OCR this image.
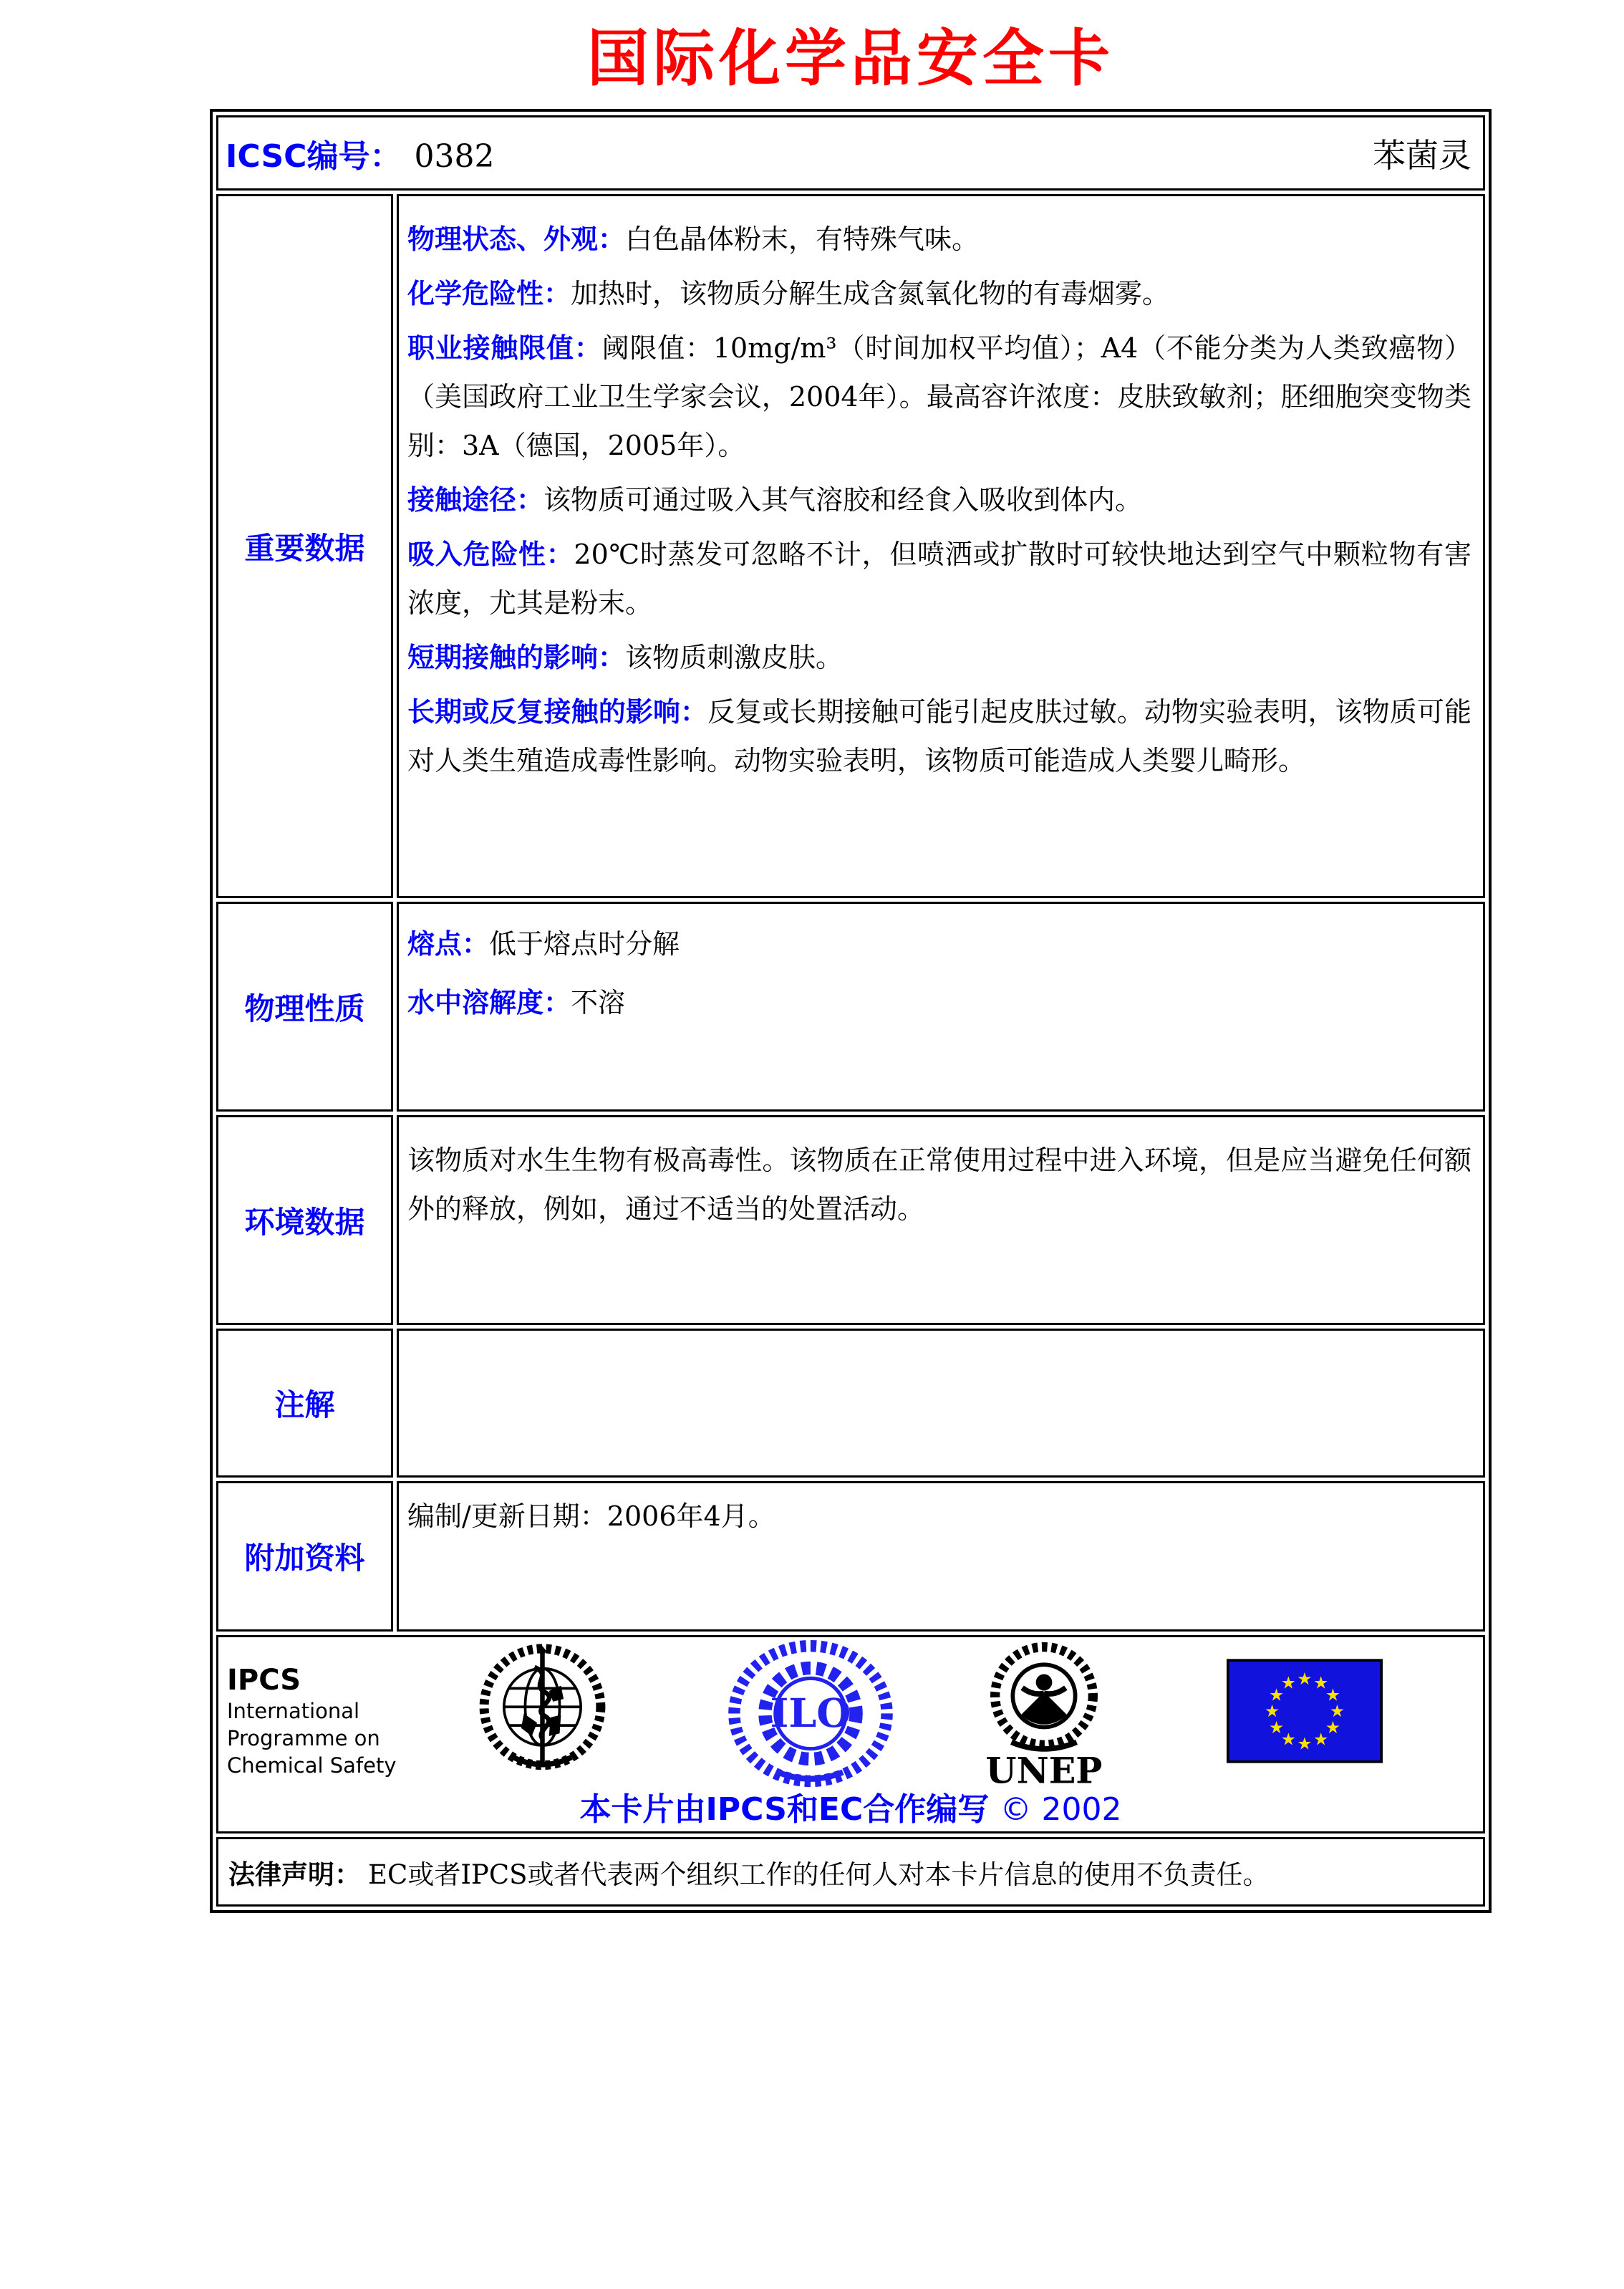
国际化学品安全卡
ICSC编号： 0382	苯菌灵
重要数据

物理状态、外观：白色晶体粉末，有特殊气味。

化学危险性：加热时，该物质分解生成含氮氧化物的有毒烟雾。

职业接触限值：阈限值：10mg/m³（时间加权平均值）；A4（不能分类为人类致癌物）（美国政府工业卫生学家会议，2004年）。最高容许浓度：皮肤致敏剂；胚细胞突变物类别：3A（德国，2005年）。

接触途径：该物质可通过吸入其气溶胶和经食入吸收到体内。

吸入危险性：20℃时蒸发可忽略不计，但喷洒或扩散时可较快地达到空气中颗粒物有害浓度，尤其是粉末。

短期接触的影响：该物质刺激皮肤。

长期或反复接触的影响：反复或长期接触可能引起皮肤过敏。动物实验表明，该物质可能对人类生殖造成毒性影响。动物实验表明，该物质可能造成人类婴儿畸形。

物理性质

熔点：低于熔点时分解

水中溶解度：不溶

环境数据

该物质对水生生物有极高毒性。该物质在正常使用过程中进入环境，但是应当避免任何额外的释放，例如，通过不适当的处置活动。

注解

附加资料

编制/更新日期：2006年4月。

IPCS
International
Programme on
Chemical Safety
ILO
UNEP
★ ★
★
★
★
★
★
★
★
★
★
★
本卡片由IPCS和EC合作编写 © 2002
法律声明： EC或者IPCS或者代表两个组织工作的任何人对本卡片信息的使用不负责任。
